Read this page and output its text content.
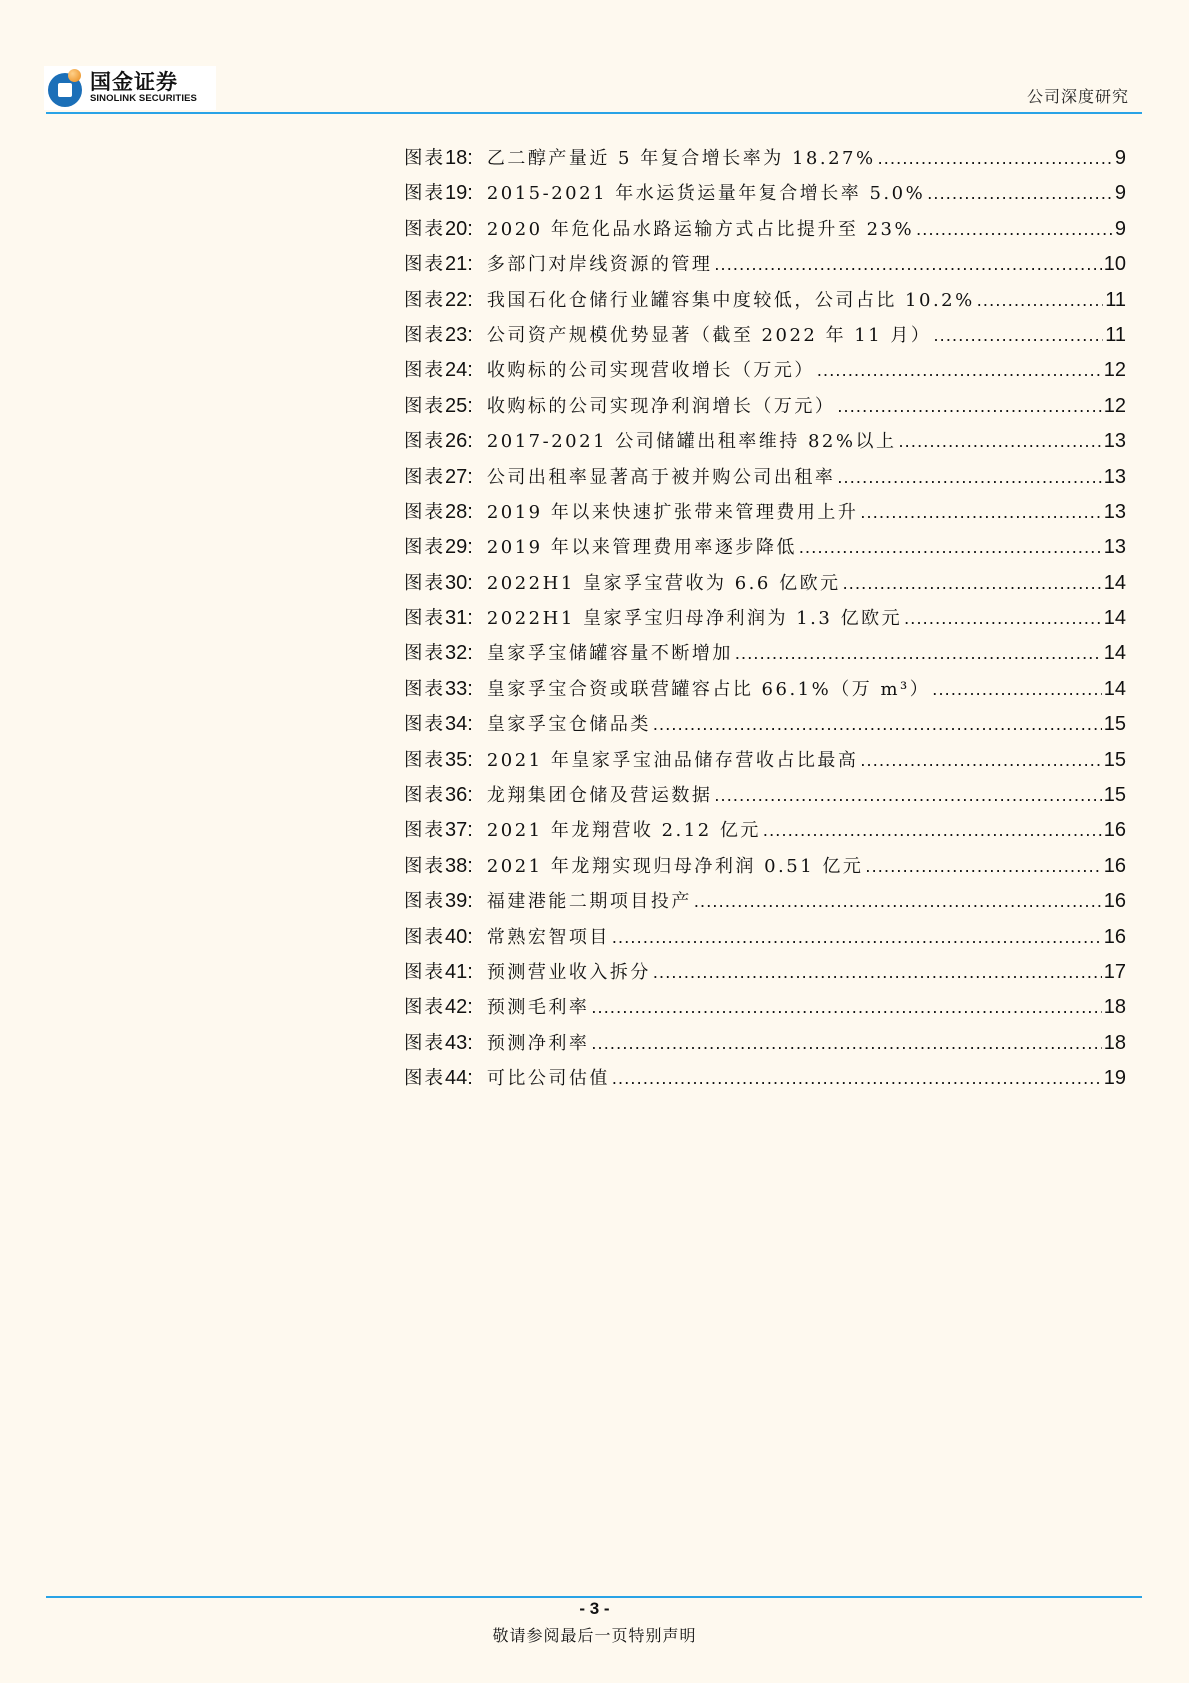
国金证券
SINOLINK SECURITIES	公司深度研究
图表18: 乙二醇产量近 5 年复合增长率为 18.27% .....	9
图表19: 2015-2021 年水运货运量年复合增长率 5.0% .....	9
图表20: 2020 年危化品水路运输方式占比提升至 23% .....	9
图表21: 多部门对岸线资源的管理 .....	10
图表22: 我国石化仓储行业罐容集中度较低，公司占比 10.2% .....	11
图表23: 公司资产规模优势显著（截至 2022 年 11 月） .....	11
图表24: 收购标的公司实现营收增长（万元） .....	12
图表25: 收购标的公司实现净利润增长（万元） .....	12
图表26: 2017-2021 公司储罐出租率维持 82%以上 .....	13
图表27: 公司出租率显著高于被并购公司出租率 .....	13
图表28: 2019 年以来快速扩张带来管理费用上升 .....	13
图表29: 2019 年以来管理费用率逐步降低 .....	13
图表30: 2022H1 皇家孚宝营收为 6.6 亿欧元 .....	14
图表31: 2022H1 皇家孚宝归母净利润为 1.3 亿欧元 .....	14
图表32: 皇家孚宝储罐容量不断增加 .....	14
图表33: 皇家孚宝合资或联营罐容占比 66.1%（万 m³） .....	14
图表34: 皇家孚宝仓储品类 .....	15
图表35: 2021 年皇家孚宝油品储存营收占比最高 .....	15
图表36: 龙翔集团仓储及营运数据 .....	15
图表37: 2021 年龙翔营收 2.12 亿元 .....	16
图表38: 2021 年龙翔实现归母净利润 0.51 亿元 .....	16
图表39: 福建港能二期项目投产 .....	16
图表40: 常熟宏智项目 .....	16
图表41: 预测营业收入拆分 .....	17
图表42: 预测毛利率 .....	18
图表43: 预测净利率 .....	18
图表44: 可比公司估值 .....	19
- 3 -
敬请参阅最后一页特别声明
